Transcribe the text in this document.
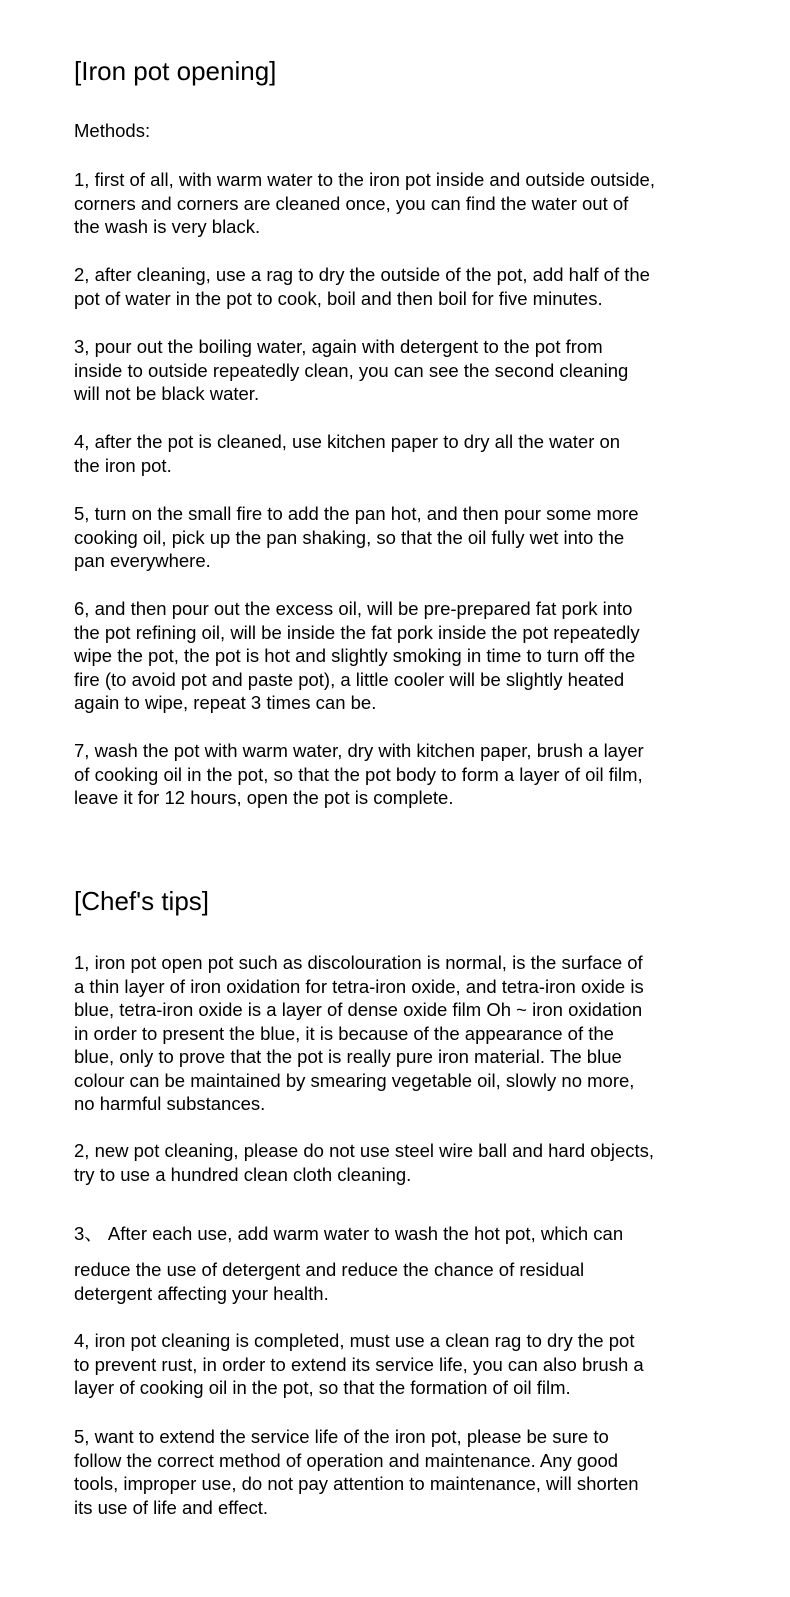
[Iron pot opening]

Methods:

1, first of all, with warm water to the iron pot inside and outside outside,
corners and corners are cleaned once, you can find the water out of
the wash is very black.

2, after cleaning, use a rag to dry the outside of the pot, add half of the
pot of water in the pot to cook, boil and then boil for five minutes.

3, pour out the boiling water, again with detergent to the pot from
inside to outside repeatedly clean, you can see the second cleaning
will not be black water.

4, after the pot is cleaned, use kitchen paper to dry all the water on
the iron pot.

5, turn on the small fire to add the pan hot, and then pour some more
cooking oil, pick up the pan shaking, so that the oil fully wet into the
pan everywhere.

6, and then pour out the excess oil, will be pre-prepared fat pork into
the pot refining oil, will be inside the fat pork inside the pot repeatedly
wipe the pot, the pot is hot and slightly smoking in time to turn off the
fire (to avoid pot and paste pot), a little cooler will be slightly heated
again to wipe, repeat 3 times can be.

7, wash the pot with warm water, dry with kitchen paper, brush a layer
of cooking oil in the pot, so that the pot body to form a layer of oil film,
leave it for 12 hours, open the pot is complete.

[Chef's tips]

1, iron pot open pot such as discolouration is normal, is the surface of
a thin layer of iron oxidation for tetra-iron oxide, and tetra-iron oxide is
blue, tetra-iron oxide is a layer of dense oxide film Oh ~ iron oxidation
in order to present the blue, it is because of the appearance of the
blue, only to prove that the pot is really pure iron material. The blue
colour can be maintained by smearing vegetable oil, slowly no more,
no harmful substances.

2, new pot cleaning, please do not use steel wire ball and hard objects,
try to use a hundred clean cloth cleaning.

3、 After each use, add warm water to wash the hot pot, which can

reduce the use of detergent and reduce the chance of residual
detergent affecting your health.

4, iron pot cleaning is completed, must use a clean rag to dry the pot
to prevent rust, in order to extend its service life, you can also brush a
layer of cooking oil in the pot, so that the formation of oil film.

5, want to extend the service life of the iron pot, please be sure to
follow the correct method of operation and maintenance. Any good
tools, improper use, do not pay attention to maintenance, will shorten
its use of life and effect.
